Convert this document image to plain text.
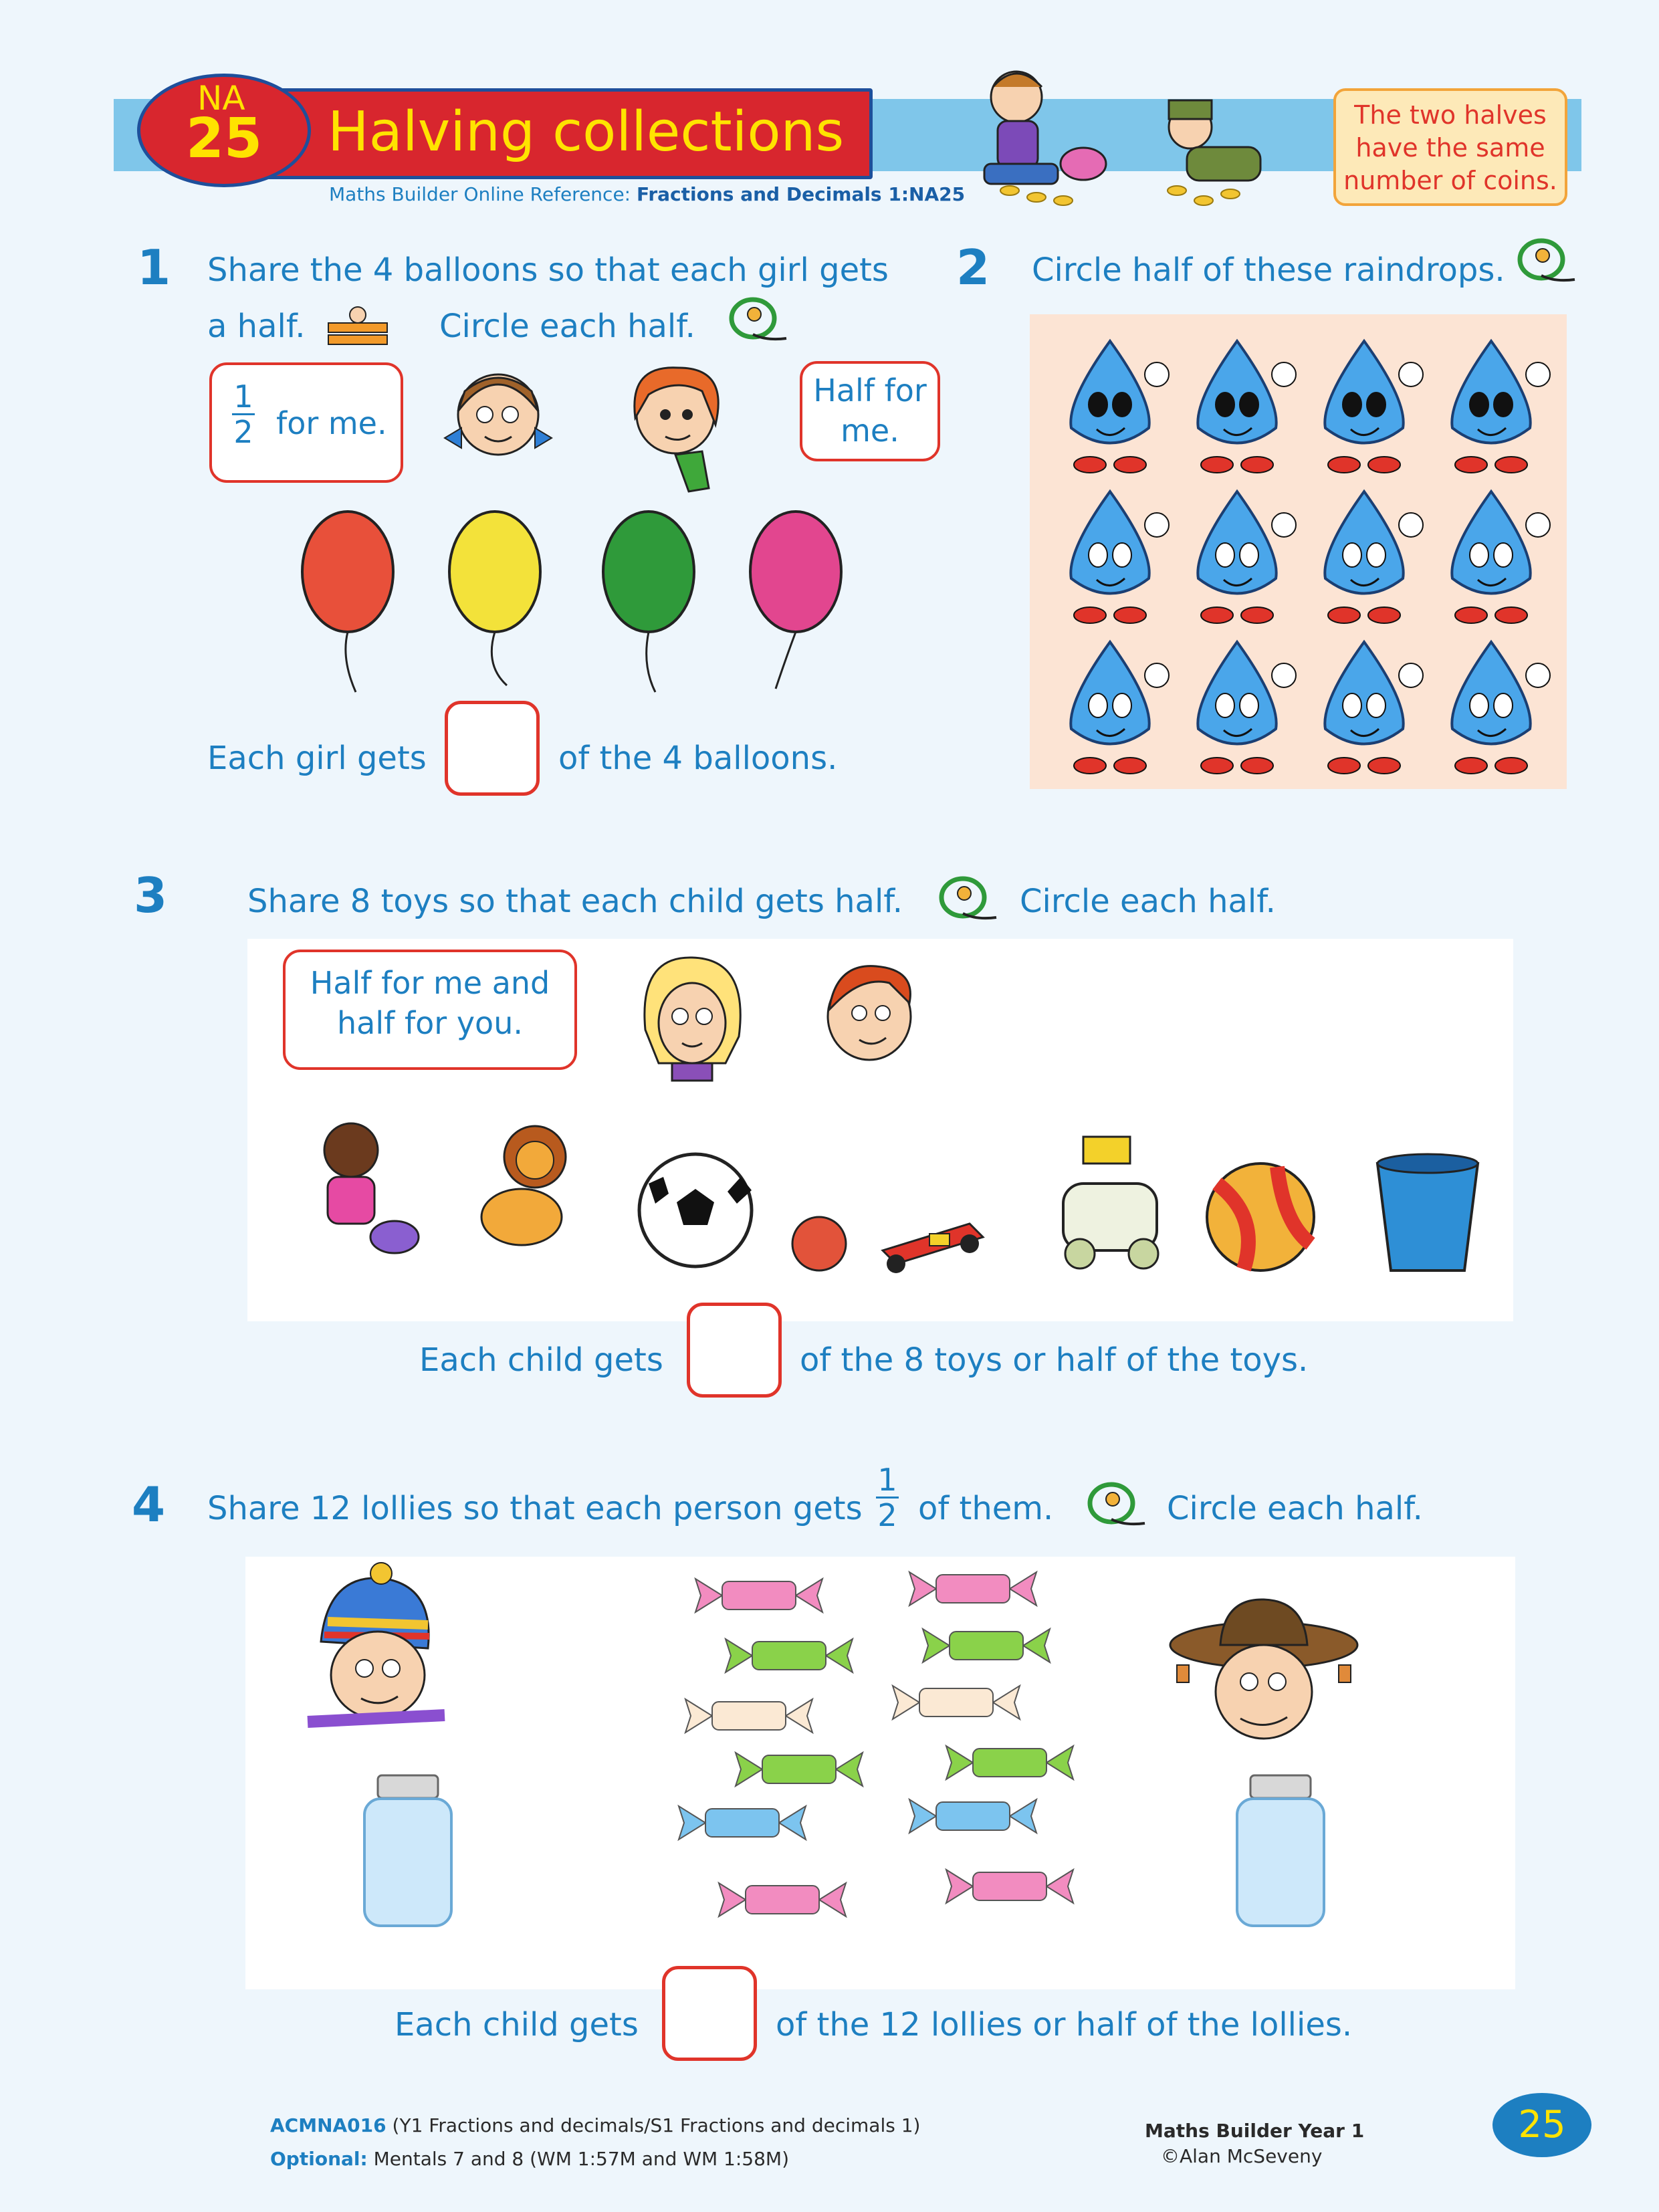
Halving collections
NA
25
Maths Builder Online Reference: Fractions and Decimals 1:NA25
The two halves have the same number of coins.
1 Share the 4 balloons so that each girl gets
a half.	Circle each half.
1
2 for me.
Half for me.
Each girl gets	of the 4 balloons.
2 Circle half of these raindrops.
3 Share 8 toys so that each child gets half.	Circle each half.
Half for me and half for you.
Each child gets	of the 8 toys or half of the toys.
4 Share 12 lollies so that each person gets
1
2 of them.	Circle each half.
Each child gets	of the 12 lollies or half of the lollies.
ACMNA016 (Y1 Fractions and decimals/S1 Fractions and decimals 1)
Optional: Mentals 7 and 8 (WM 1:57M and WM 1:58M)
Maths Builder Year 1
©Alan McSeveny
25
